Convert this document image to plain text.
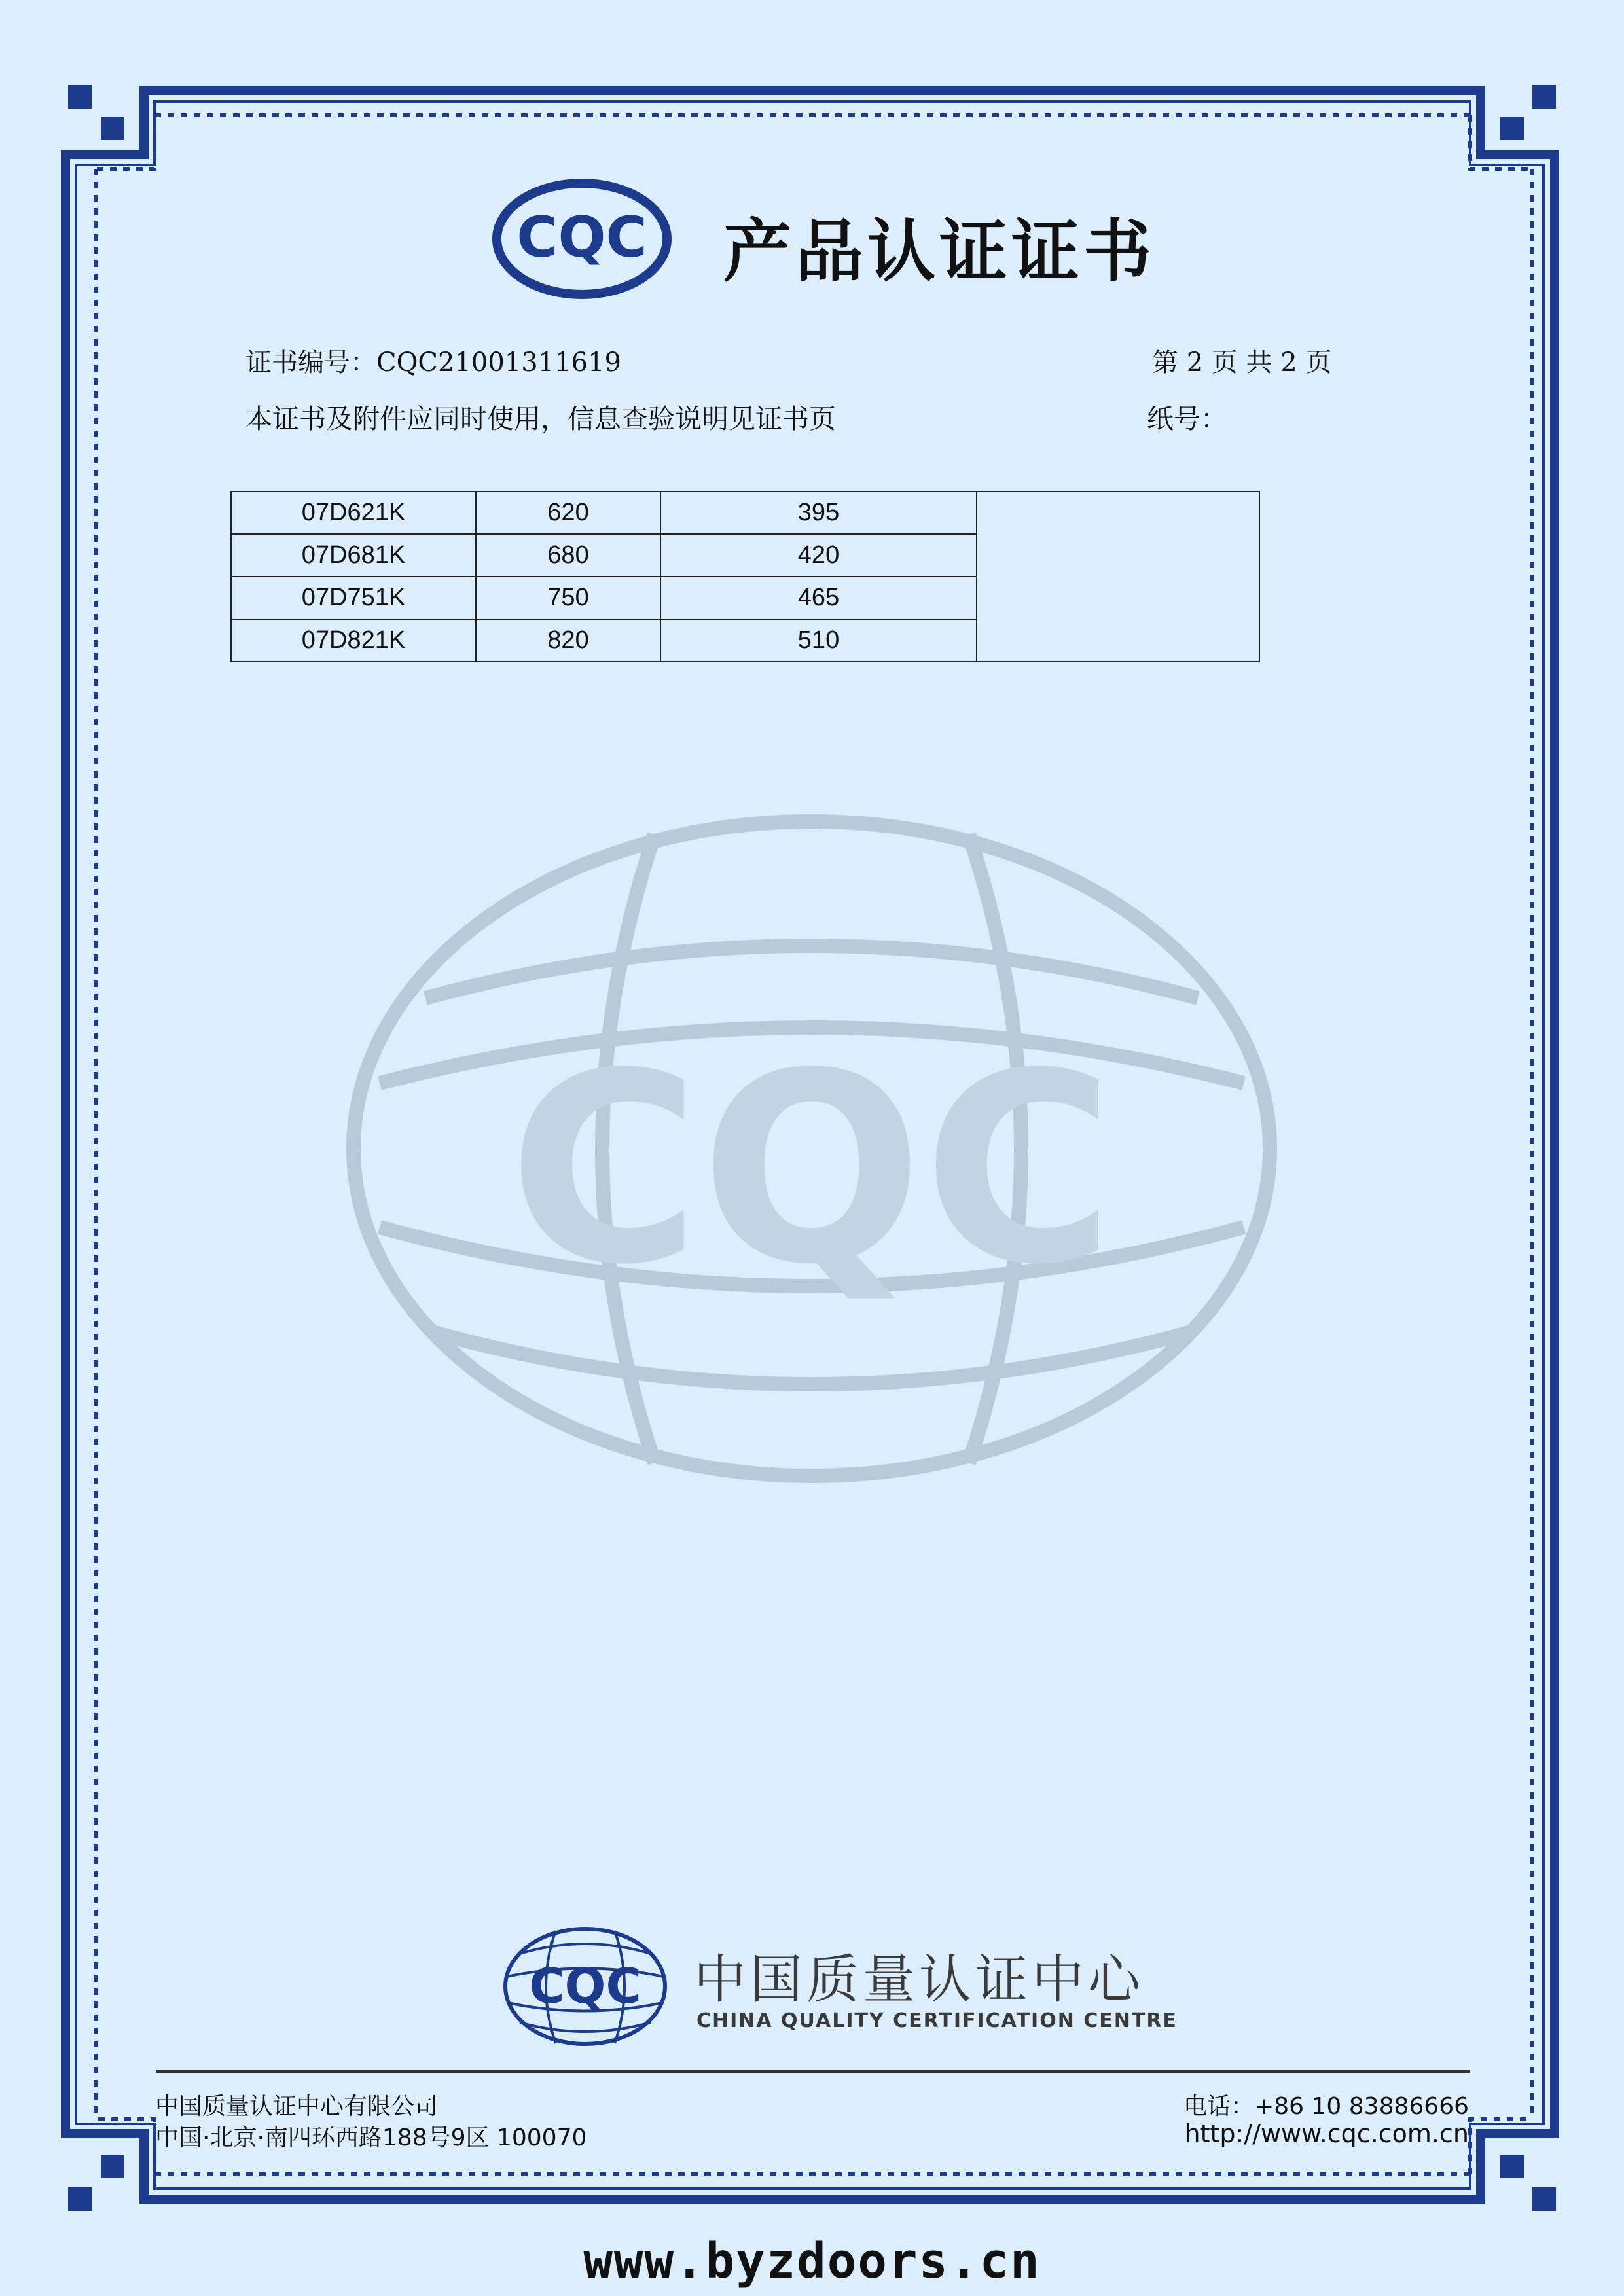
CQC 产品认证证书

证书编号：CQC21001311619	第 2 页 共 2 页

本证书及附件应同时使用，信息查验说明见证书页	纸号：

07D621K	620	395	
07D681K	680	420	
07D751K	750	465	
07D821K	820	510	
CQC
CQC 中国质量认证中心

CHINA QUALITY CERTIFICATION CENTRE

中国质量认证中心有限公司

中国·北京·南四环西路188号9区 100070

电话：+86 10 83886666

http://www.cqc.com.cn

www.byzdoors.cn
